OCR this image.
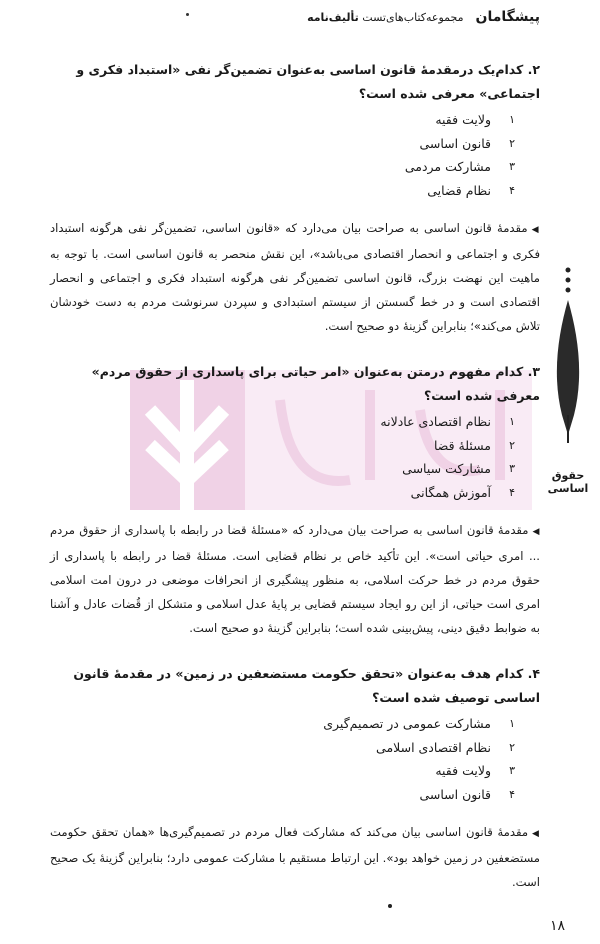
پیشگامان
مجموعه‌کتاب‌های‌تست تألیف‌نامه
حقوق اساسی
۲. کدام‌یک درمقدمهٔ قانون اساسی به‌عنوان تضمین‌گر نفی «استبداد فکری و اجتماعی» معرفی شده است؟
۱
ولایت فقیه
۲
قانون اساسی
۳
مشارکت مردمی
۴
نظام قضایی
◀مقدمهٔ قانون اساسی به صراحت بیان می‌دارد که «قانون اساسی، تضمین‌گر نفی هرگونه استبداد فکری و اجتماعی و انحصار اقتصادی می‌باشد»، این نقش منحصر به قانون اساسی است. با توجه به ماهیت این نهضت بزرگ، قانون اساسی تضمین‌گر نفی هرگونه استبداد فکری و اجتماعی و انحصار اقتصادی است و در خط گسستن از سیستم استبدادی و سپردن سرنوشت مردم به دست خودشان تلاش می‌کند»؛ بنابراین گزینهٔ دو صحیح است.
۳. کدام مفهوم درمتن به‌عنوان «امر حیاتی برای پاسداری از حقوق مردم» معرفی شده است؟
۱
نظام اقتصادی عادلانه
۲
مسئلهٔ قضا
۳
مشارکت سیاسی
۴
آموزش همگانی
◀مقدمهٔ قانون اساسی به صراحت بیان می‌دارد که «مسئلهٔ قضا در رابطه با پاسداری از حقوق مردم ... امری حیاتی است». این تأکید خاص بر نظام قضایی است. مسئلهٔ قضا در رابطه با پاسداری از حقوق مردم در خط حرکت اسلامی، به منظور پیشگیری از انحرافات موضعی در درون امت اسلامی امری است حیاتی، از این رو ایجاد سیستم قضایی بر پایهٔ عدل اسلامی و متشکل از قُضات عادل و آشنا به ضوابط دقیق دینی، پیش‌بینی شده است؛ بنابراین گزینهٔ دو صحیح است.
۴. کدام هدف به‌عنوان «تحقق حکومت مستضعفین در زمین» در مقدمهٔ قانون اساسی توصیف شده است؟
۱
مشارکت عمومی در تصمیم‌گیری
۲
نظام اقتصادی اسلامی
۳
ولایت فقیه
۴
قانون اساسی
◀مقدمهٔ قانون اساسی بیان می‌کند که مشارکت فعال مردم در تصمیم‌گیری‌ها «همان تحقق حکومت مستضعفین در زمین خواهد بود». این ارتباط مستقیم با مشارکت عمومی دارد؛ بنابراین گزینهٔ یک صحیح است.
۱۸
